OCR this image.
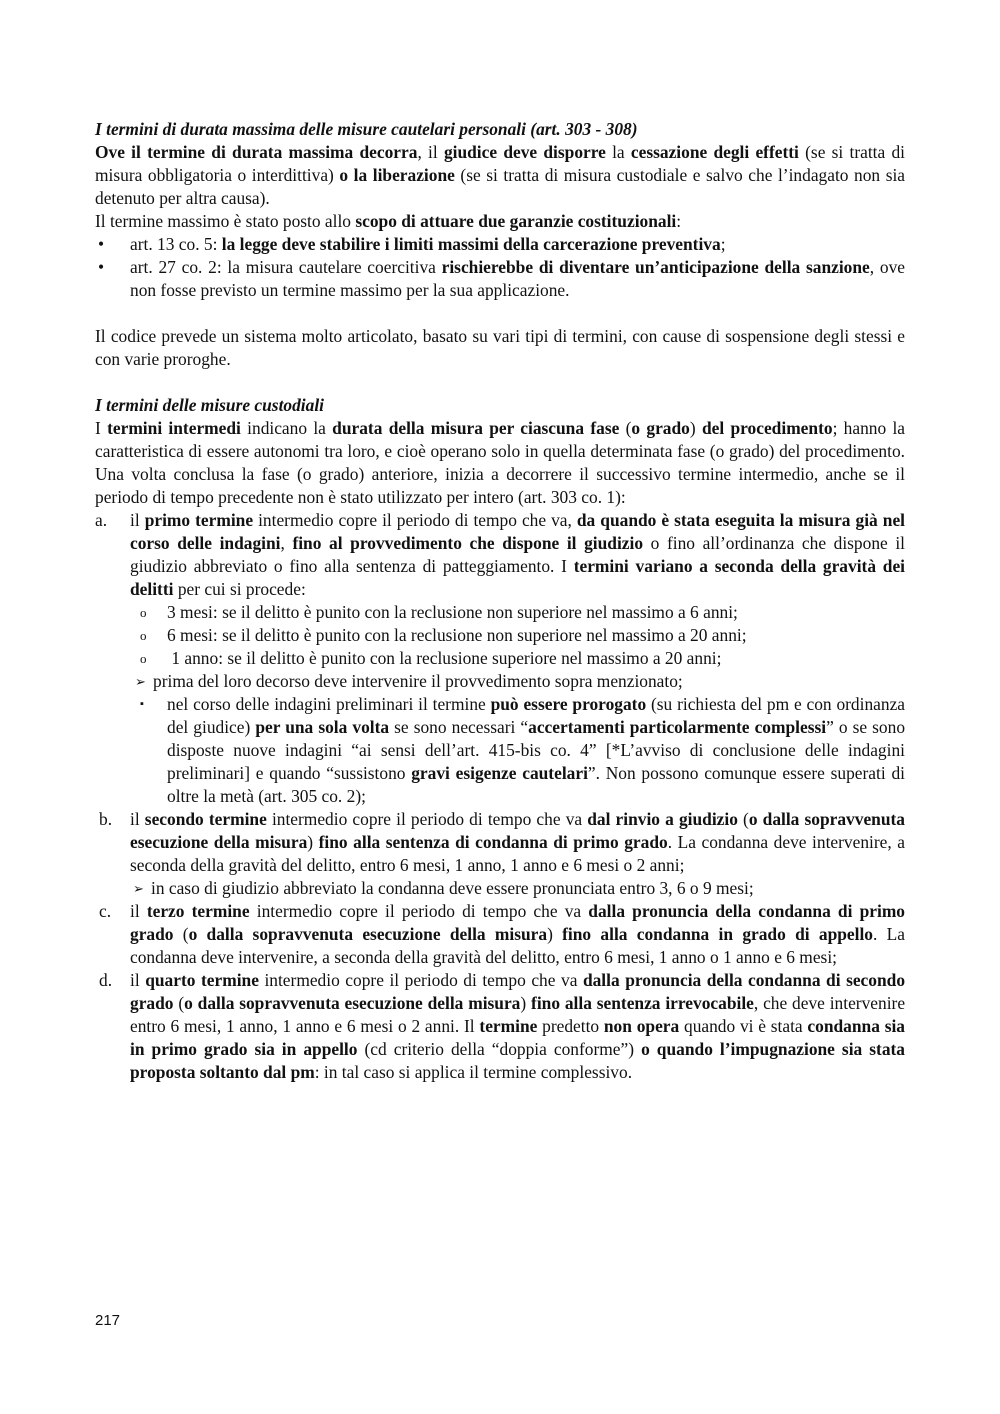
I termini di durata massima delle misure cautelari personali (art. 303 - 308)

Ove il termine di durata massima decorra, il giudice deve disporre la cessazione degli effetti (se si tratta di misura obbligatoria o interdittiva) o la liberazione (se si tratta di misura custodiale e salvo che l’indagato non sia detenuto per altra causa).

Il termine massimo è stato posto allo scopo di attuare due garanzie costituzionali:

•	art. 13 co. 5: la legge deve stabilire i limiti massimi della carcerazione preventiva;
•	art. 27 co. 2: la misura cautelare coercitiva rischierebbe di diventare un’anticipazione della sanzione, ove non fosse previsto un termine massimo per la sua applicazione.

Il codice prevede un sistema molto articolato, basato su vari tipi di termini, con cause di sospensione degli stessi e con varie proroghe.

I termini delle misure custodiali

I termini intermedi indicano la durata della misura per ciascuna fase (o grado) del procedimento; hanno la caratteristica di essere autonomi tra loro, e cioè operano solo in quella determinata fase (o grado) del procedimento. Una volta conclusa la fase (o grado) anteriore, inizia a decorrere il successivo termine intermedio, anche se il periodo di tempo precedente non è stato utilizzato per intero (art. 303 co. 1):

a.	il primo termine intermedio copre il periodo di tempo che va, da quando è stata eseguita la misura già nel corso delle indagini, fino al provvedimento che dispone il giudizio o fino all’ordinanza che dispone il giudizio abbreviato o fino alla sentenza di patteggiamento. I termini variano a seconda della gravità dei delitti per cui si procede:
o	3 mesi: se il delitto è punito con la reclusione non superiore nel massimo a 6 anni;
o	6 mesi: se il delitto è punito con la reclusione non superiore nel massimo a 20 anni;
o	1 anno: se il delitto è punito con la reclusione superiore nel massimo a 20 anni;
➢ prima del loro decorso deve intervenire il provvedimento sopra menzionato;
▪	nel corso delle indagini preliminari il termine può essere prorogato (su richiesta del pm e con ordinanza del giudice) per una sola volta se sono necessari “accertamenti particolarmente complessi” o se sono disposte nuove indagini “ai sensi dell’art. 415-bis co. 4” [*L’avviso di conclusione delle indagini preliminari] e quando “sussistono gravi esigenze cautelari”. Non possono comunque essere superati di oltre la metà (art. 305 co. 2);
b.	il secondo termine intermedio copre il periodo di tempo che va dal rinvio a giudizio (o dalla sopravvenuta esecuzione della misura) fino alla sentenza di condanna di primo grado. La condanna deve intervenire, a seconda della gravità del delitto, entro 6 mesi, 1 anno, 1 anno e 6 mesi o 2 anni;
➢ in caso di giudizio abbreviato la condanna deve essere pronunciata entro 3, 6 o 9 mesi;
c.	il terzo termine intermedio copre il periodo di tempo che va dalla pronuncia della condanna di primo grado (o dalla sopravvenuta esecuzione della misura) fino alla condanna in grado di appello. La condanna deve intervenire, a seconda della gravità del delitto, entro 6 mesi, 1 anno o 1 anno e 6 mesi;
d.	il quarto termine intermedio copre il periodo di tempo che va dalla pronuncia della condanna di secondo grado (o dalla sopravvenuta esecuzione della misura) fino alla sentenza irrevocabile, che deve intervenire entro 6 mesi, 1 anno, 1 anno e 6 mesi o 2 anni. Il termine predetto non opera quando vi è stata condanna sia in primo grado sia in appello (cd criterio della “doppia conforme”) o quando l’impugnazione sia stata proposta soltanto dal pm: in tal caso si applica il termine complessivo.
217
